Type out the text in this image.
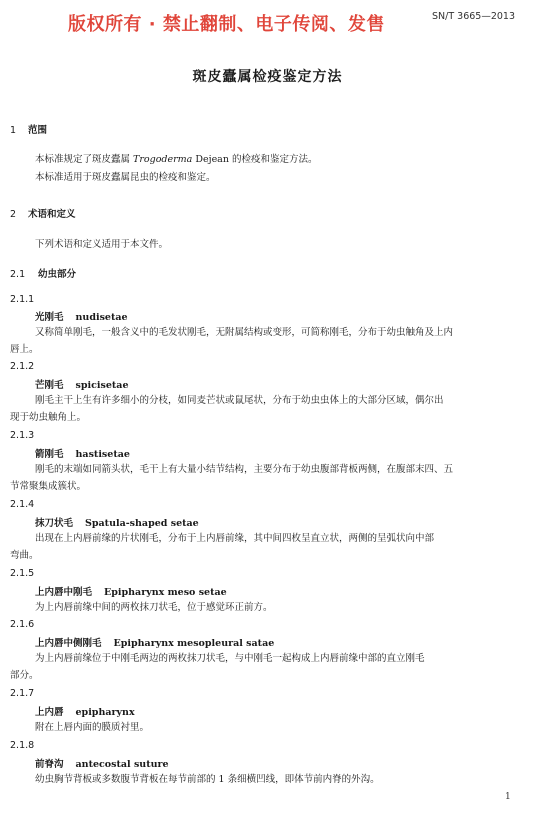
版权所有 · 禁止翻制、电子传阅、发售	SN/T 3665—2013
斑皮蠹属检疫鉴定方法
1 范围
本标准规定了斑皮蠹属 Trogoderma Dejean 的检疫和鉴定方法。
本标准适用于斑皮蠹属昆虫的检疫和鉴定。
2 术语和定义
下列术语和定义适用于本文件。
2.1 幼虫部分
2.1.1
光刚毛 nudisetae
又称简单刚毛，一般含义中的毛发状刚毛，无附属结构或变形，可简称刚毛，分布于幼虫触角及上内
唇上。
2.1.2
芒刚毛 spicisetae
刚毛主干上生有许多细小的分枝，如同麦芒状或鼠尾状，分布于幼虫虫体上的大部分区域，偶尔出
现于幼虫触角上。
2.1.3
箭刚毛 hastisetae
刚毛的末端如同箭头状，毛干上有大量小结节结构，主要分布于幼虫腹部背板两侧，在腹部末四、五
节常聚集成簇状。
2.1.4
抹刀状毛 Spatula-shaped setae
出现在上内唇前缘的片状刚毛，分布于上内唇前缘，其中间四枚呈直立状，两侧的呈弧状向中部
弯曲。
2.1.5
上内唇中刚毛 Epipharynx meso setae
为上内唇前缘中间的两枚抹刀状毛，位于感觉环正前方。
2.1.6
上内唇中侧刚毛 Epipharynx mesopleural satae
为上内唇前缘位于中刚毛两边的两枚抹刀状毛，与中刚毛一起构成上内唇前缘中部的直立刚毛
部分。
2.1.7
上内唇 epipharynx
附在上唇内面的膜质衬里。
2.1.8
前脊沟 antecostal suture
幼虫胸节背板或多数腹节背板在每节前部的 1 条细横凹线，即体节前内脊的外沟。
1
